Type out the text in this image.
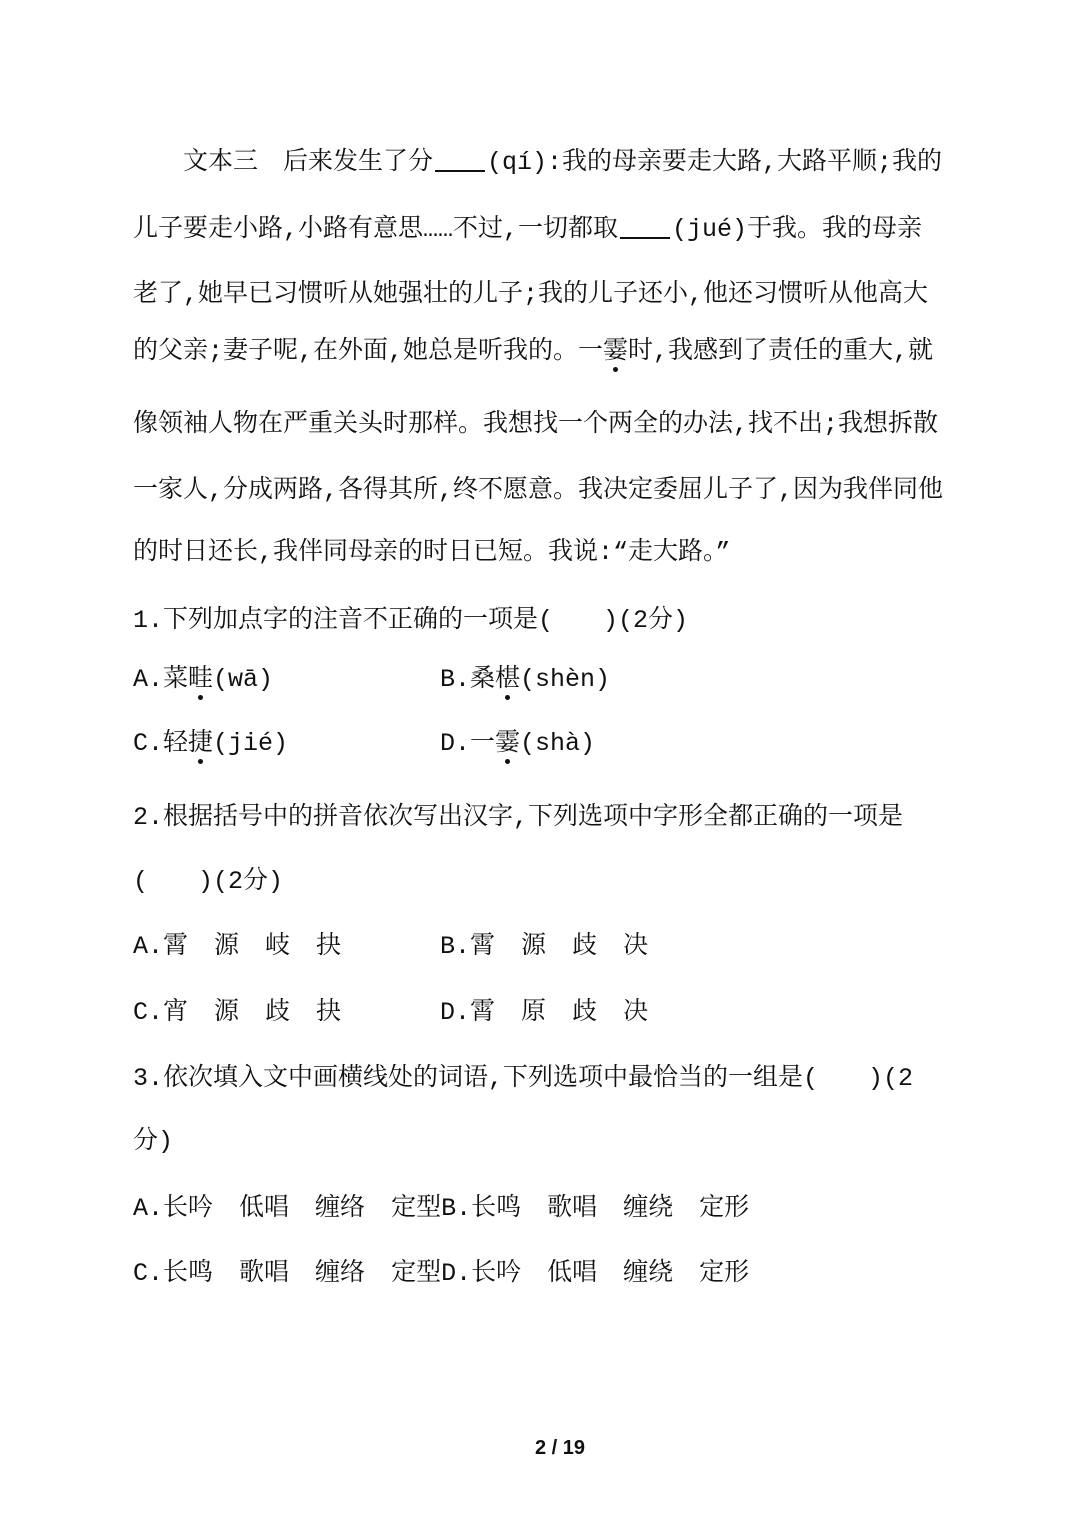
文本三 后来发生了分 (qí):我的母亲要走大路,大路平顺;我的
儿子要走小路,小路有意思……不过,一切都取 (jué)于我。我的母亲
老了,她早已习惯听从她强壮的儿子;我的儿子还小,他还习惯听从他高大
的父亲;妻子呢,在外面,她总是听我的。一霎时,我感到了责任的重大,就
像领袖人物在严重关头时那样。我想找一个两全的办法,找不出;我想拆散
一家人,分成两路,各得其所,终不愿意。我决定委屈儿子了,因为我伴同他
的时日还长,我伴同母亲的时日已短。我说:“走大路。”
1.下列加点字的注音不正确的一项是(　　)(2分)
A.菜畦(wā)	B.桑椹(shèn)
C.轻捷(jié)	D.一霎(shà)
2.根据括号中的拼音依次写出汉字,下列选项中字形全都正确的一项是
(　　)(2分)
A.霄 源 岐 抉	B.霄 源 歧 决
C.宵 源 歧 抉	D.霄 原 歧 决
3.依次填入文中画横线处的词语,下列选项中最恰当的一组是(　　)(2
分)
A.长吟 低唱 缠络 定型B.长鸣 歌唱 缠绕 定形
C.长鸣 歌唱 缠络 定型D.长吟 低唱 缠绕 定形
2 / 19
